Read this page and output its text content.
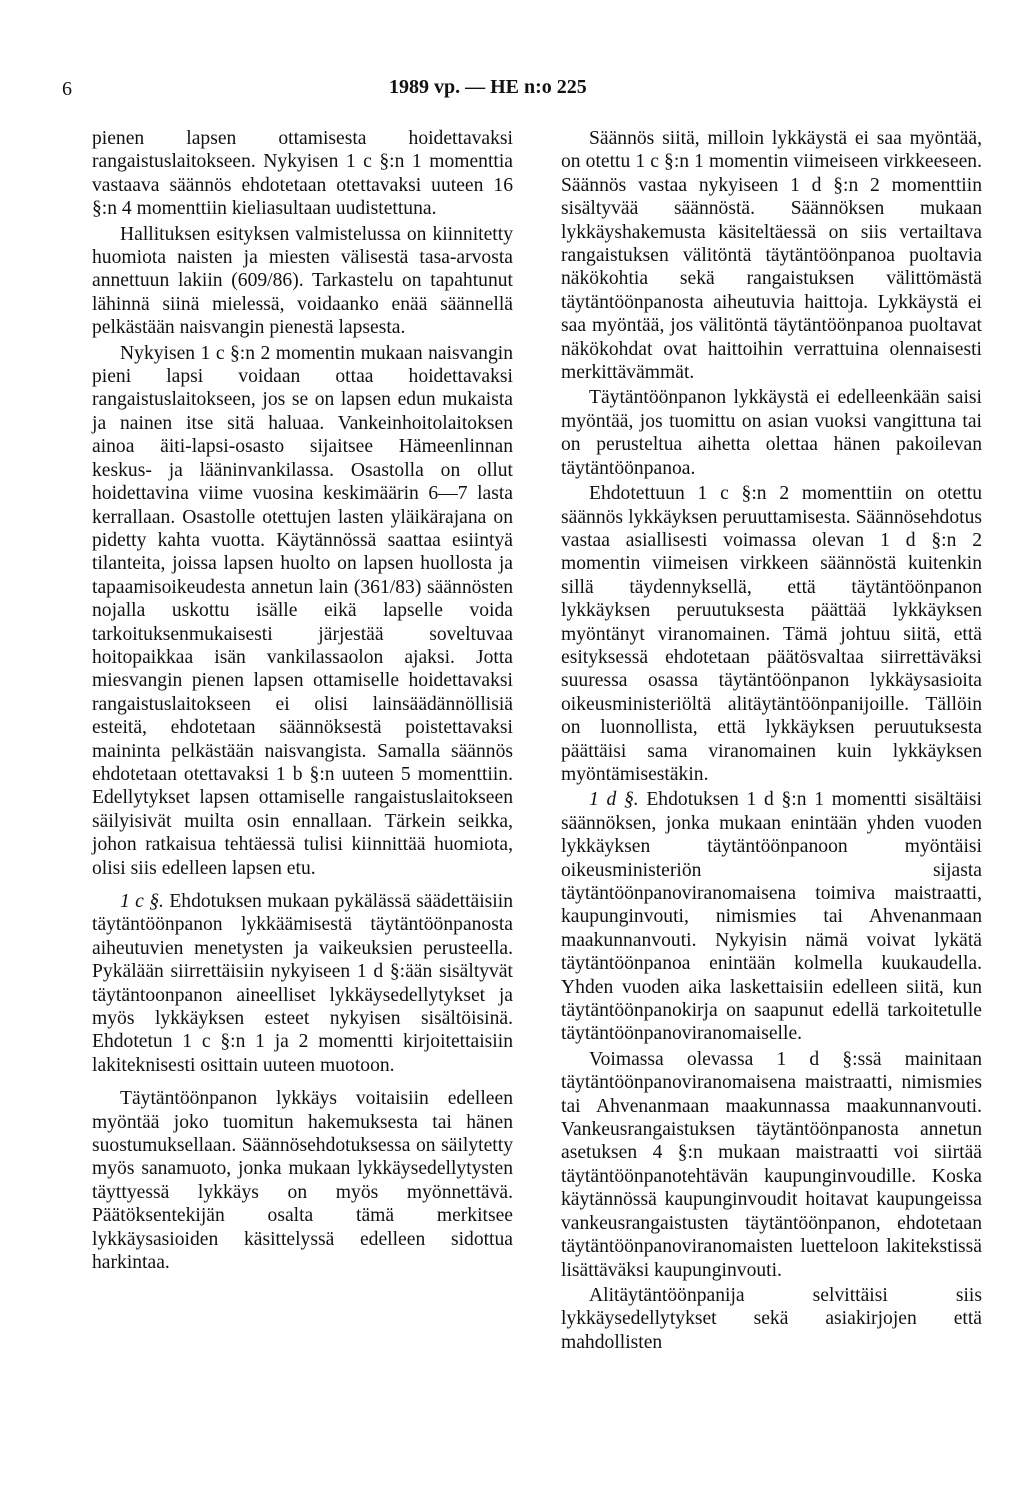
6	1989 vp. — HE n:o 225

pienen lapsen ottamisesta hoidettavaksi rangaistuslaitokseen. Nykyisen 1 c §:n 1 momenttia vastaava säännös ehdotetaan otettavaksi uuteen 16 §:n 4 momenttiin kieliasultaan uudistettuna.

Hallituksen esityksen valmistelussa on kiinnitetty huomiota naisten ja miesten välisestä tasa-arvosta annettuun lakiin (609/86). Tarkastelu on tapahtunut lähinnä siinä mielessä, voidaanko enää säännellä pelkästään naisvangin pienestä lapsesta.

Nykyisen 1 c §:n 2 momentin mukaan naisvangin pieni lapsi voidaan ottaa hoidettavaksi rangaistuslaitokseen, jos se on lapsen edun mukaista ja nainen itse sitä haluaa. Vankeinhoitolaitoksen ainoa äiti-lapsi-osasto sijaitsee Hämeenlinnan keskus- ja lääninvankilassa. Osastolla on ollut hoidettavina viime vuosina keskimäärin 6—7 lasta kerrallaan. Osastolle otettujen lasten yläikärajana on pidetty kahta vuotta. Käytännössä saattaa esiintyä tilanteita, joissa lapsen huolto on lapsen huollosta ja tapaamisoikeudesta annetun lain (361/83) säännösten nojalla uskottu isälle eikä lapselle voida tarkoituksenmukaisesti järjestää soveltuvaa hoitopaikkaa isän vankilassaolon ajaksi. Jotta miesvangin pienen lapsen ottamiselle hoidettavaksi rangaistuslaitokseen ei olisi lainsäädännöllisiä esteitä, ehdotetaan säännöksestä poistettavaksi maininta pelkästään naisvangista. Samalla säännös ehdotetaan otettavaksi 1 b §:n uuteen 5 momenttiin. Edellytykset lapsen ottamiselle rangaistuslaitokseen säilyisivät muilta osin ennallaan. Tärkein seikka, johon ratkaisua tehtäessä tulisi kiinnittää huomiota, olisi siis edelleen lapsen etu.

1 c §. Ehdotuksen mukaan pykälässä säädettäisiin täytäntöönpanon lykkäämisestä täytäntöönpanosta aiheutuvien menetysten ja vaikeuksien perusteella. Pykälään siirrettäisiin nykyiseen 1 d §:ään sisältyvät täytäntoonpanon aineelliset lykkäysedellytykset ja myös lykkäyksen esteet nykyisen sisältöisinä. Ehdotetun 1 c §:n 1 ja 2 momentti kirjoitettaisiin lakiteknisesti osittain uuteen muotoon.

Täytäntöönpanon lykkäys voitaisiin edelleen myöntää joko tuomitun hakemuksesta tai hänen suostumuksellaan. Säännösehdotuksessa on säilytetty myös sanamuoto, jonka mukaan lykkäysedellytysten täyttyessä lykkäys on myös myönnettävä. Päätöksentekijän osalta tämä merkitsee lykkäysasioiden käsittelyssä edelleen sidottua harkintaa.

Säännös siitä, milloin lykkäystä ei saa myöntää, on otettu 1 c §:n 1 momentin viimeiseen virkkeeseen. Säännös vastaa nykyiseen 1 d §:n 2 momenttiin sisältyvää säännöstä. Säännöksen mukaan lykkäyshakemusta käsiteltäessä on siis vertailtava rangaistuksen välitöntä täytäntöönpanoa puoltavia näkökohtia sekä rangaistuksen välittömästä täytäntöönpanosta aiheutuvia haittoja. Lykkäystä ei saa myöntää, jos välitöntä täytäntöönpanoa puoltavat näkökohdat ovat haittoihin verrattuina olennaisesti merkittävämmät.

Täytäntöönpanon lykkäystä ei edelleenkään saisi myöntää, jos tuomittu on asian vuoksi vangittuna tai on perusteltua aihetta olettaa hänen pakoilevan täytäntöönpanoa.

Ehdotettuun 1 c §:n 2 momenttiin on otettu säännös lykkäyksen peruuttamisesta. Säännösehdotus vastaa asiallisesti voimassa olevan 1 d §:n 2 momentin viimeisen virkkeen säännöstä kuitenkin sillä täydennyksellä, että täytäntöönpanon lykkäyksen peruutuksesta päättää lykkäyksen myöntänyt viranomainen. Tämä johtuu siitä, että esityksessä ehdotetaan päätösvaltaa siirrettäväksi suuressa osassa täytäntöönpanon lykkäysasioita oikeusministeriöltä alitäytäntöönpanijoille. Tällöin on luonnollista, että lykkäyksen peruutuksesta päättäisi sama viranomainen kuin lykkäyksen myöntämisestäkin.

1 d §. Ehdotuksen 1 d §:n 1 momentti sisältäisi säännöksen, jonka mukaan enintään yhden vuoden lykkäyksen täytäntöönpanoon myöntäisi oikeusministeriön sijasta täytäntöönpanoviranomaisena toimiva maistraatti, kaupunginvouti, nimismies tai Ahvenanmaan maakunnanvouti. Nykyisin nämä voivat lykätä täytäntöönpanoa enintään kolmella kuukaudella. Yhden vuoden aika laskettaisiin edelleen siitä, kun täytäntöönpanokirja on saapunut edellä tarkoitetulle täytäntöönpanoviranomaiselle.

Voimassa olevassa 1 d §:ssä mainitaan täytäntöönpanoviranomaisena maistraatti, nimismies tai Ahvenanmaan maakunnassa maakunnanvouti. Vankeusrangaistuksen täytäntöönpanosta annetun asetuksen 4 §:n mukaan maistraatti voi siirtää täytäntöönpanotehtävän kaupunginvoudille. Koska käytännössä kaupunginvoudit hoitavat kaupungeissa vankeusrangaistusten täytäntöönpanon, ehdotetaan täytäntöönpanoviranomaisten luetteloon lakitekstissä lisättäväksi kaupunginvouti.

Alitäytäntöönpanija selvittäisi siis lykkäysedellytykset sekä asiakirjojen että mahdollisten
